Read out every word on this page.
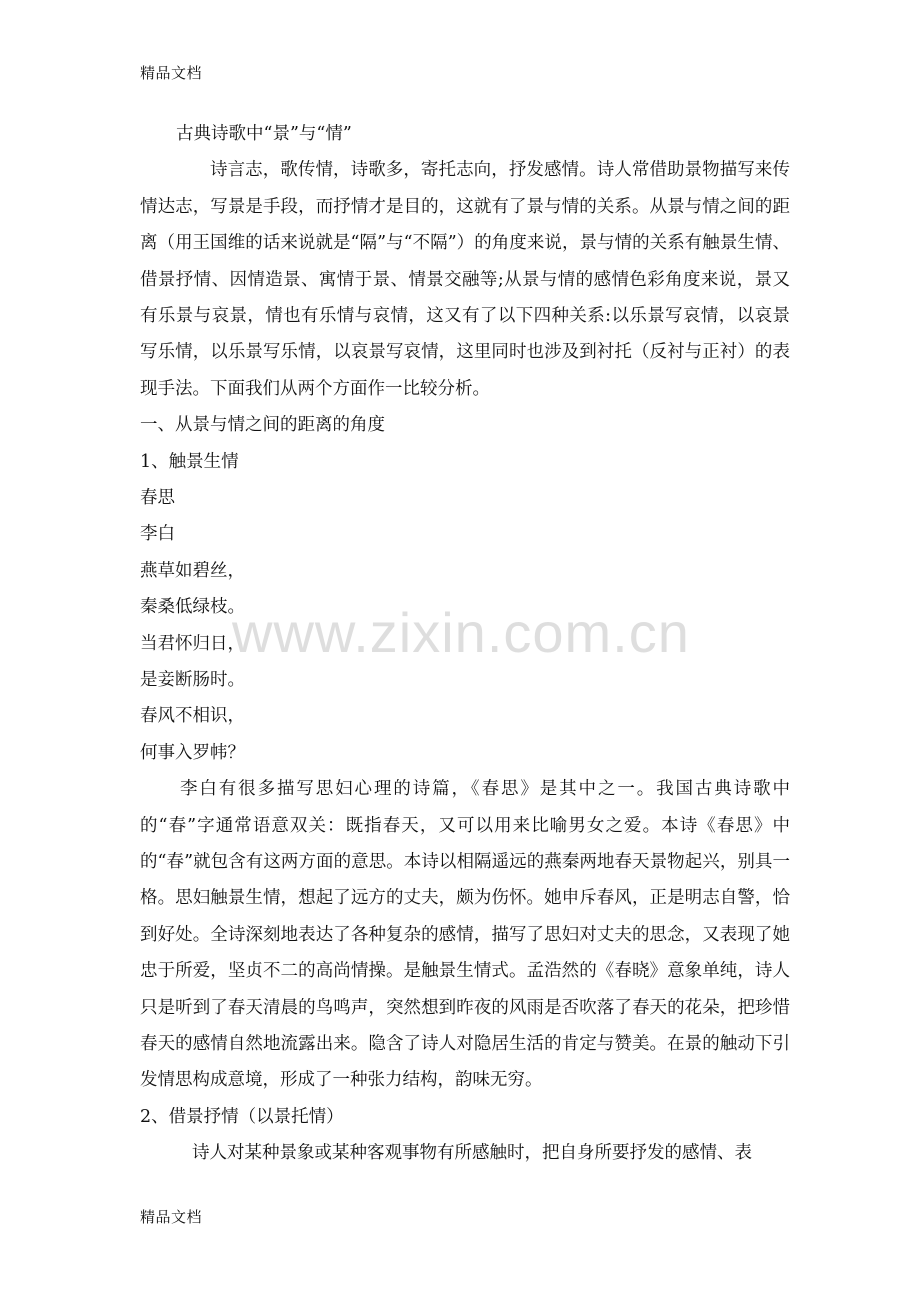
精品文档
古典诗歌中“景”与“情”

诗言志，歌传情，诗歌多，寄托志向，抒发感情。诗人常借助景物描写来传情达志，写景是手段，而抒情才是目的，这就有了景与情的关系。从景与情之间的距离（用王国维的话来说就是“隔”与“不隔”）的角度来说，景与情的关系有触景生情、借景抒情、因情造景、寓情于景、情景交融等;从景与情的感情色彩角度来说，景又有乐景与哀景，情也有乐情与哀情，这又有了以下四种关系:以乐景写哀情，以哀景写乐情，以乐景写乐情，以哀景写哀情，这里同时也涉及到衬托（反衬与正衬）的表现手法。下面我们从两个方面作一比较分析。

一、从景与情之间的距离的角度
1、触景生情
春思
李白
燕草如碧丝，
秦桑低绿枝。
当君怀归日，
是妾断肠时。
春风不相识，
何事入罗帏？

李白有很多描写思妇心理的诗篇，《春思》是其中之一。我国古典诗歌中的“春”字通常语意双关：既指春天，又可以用来比喻男女之爱。本诗《春思》中的“春”就包含有这两方面的意思。本诗以相隔遥远的燕秦两地春天景物起兴，别具一格。思妇触景生情，想起了远方的丈夫，颇为伤怀。她申斥春风，正是明志自警，恰到好处。全诗深刻地表达了各种复杂的感情，描写了思妇对丈夫的思念，又表现了她忠于所爱，坚贞不二的高尚情操。是触景生情式。孟浩然的《春晓》意象单纯，诗人只是听到了春天清晨的鸟鸣声，突然想到昨夜的风雨是否吹落了春天的花朵，把珍惜春天的感情自然地流露出来。隐含了诗人对隐居生活的肯定与赞美。在景的触动下引发情思构成意境，形成了一种张力结构，韵味无穷。

2、借景抒情（以景托情）
诗人对某种景象或某种客观事物有所感触时，把自身所要抒发的感情、表
www.zixin.com.cn
精品文档
